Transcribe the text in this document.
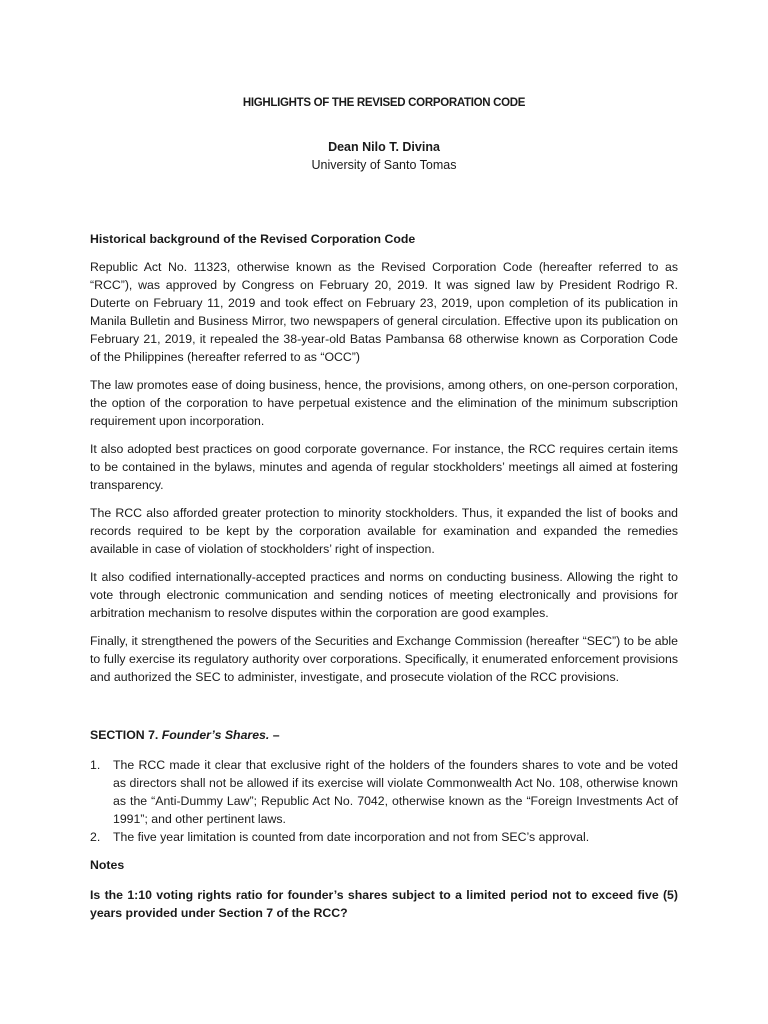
HIGHLIGHTS OF THE REVISED CORPORATION CODE
Dean Nilo T. Divina
University of Santo Tomas
Historical background of the Revised Corporation Code

Republic Act No. 11323, otherwise known as the Revised Corporation Code (hereafter referred to as “RCC”), was approved by Congress on February 20, 2019. It was signed law by President Rodrigo R. Duterte on February 11, 2019 and took effect on February 23, 2019, upon completion of its publication in Manila Bulletin and Business Mirror, two newspapers of general circulation. Effective upon its publication on February 21, 2019, it repealed the 38-year-old Batas Pambansa 68 otherwise known as Corporation Code of the Philippines (hereafter referred to as “OCC”)

The law promotes ease of doing business, hence, the provisions, among others, on one-person corporation, the option of the corporation to have perpetual existence and the elimination of the minimum subscription requirement upon incorporation.

It also adopted best practices on good corporate governance. For instance, the RCC requires certain items to be contained in the bylaws, minutes and agenda of regular stockholders’ meetings all aimed at fostering transparency.

The RCC also afforded greater protection to minority stockholders. Thus, it expanded the list of books and records required to be kept by the corporation available for examination and expanded the remedies available in case of violation of stockholders’ right of inspection.

It also codified internationally-accepted practices and norms on conducting business. Allowing the right to vote through electronic communication and sending notices of meeting electronically and provisions for arbitration mechanism to resolve disputes within the corporation are good examples.

Finally, it strengthened the powers of the Securities and Exchange Commission (hereafter “SEC”) to be able to fully exercise its regulatory authority over corporations. Specifically, it enumerated enforcement provisions and authorized the SEC to administer, investigate, and prosecute violation of the RCC provisions.

SECTION 7. Founder’s Shares. –
1. The RCC made it clear that exclusive right of the holders of the founders shares to vote and be voted as directors shall not be allowed if its exercise will violate Commonwealth Act No. 108, otherwise known as the “Anti-Dummy Law”; Republic Act No. 7042, otherwise known as the “Foreign Investments Act of 1991”; and other pertinent laws.
2. The five year limitation is counted from date incorporation and not from SEC’s approval.
Notes

Is the 1:10 voting rights ratio for founder’s shares subject to a limited period not to exceed five (5) years provided under Section 7 of the RCC?
